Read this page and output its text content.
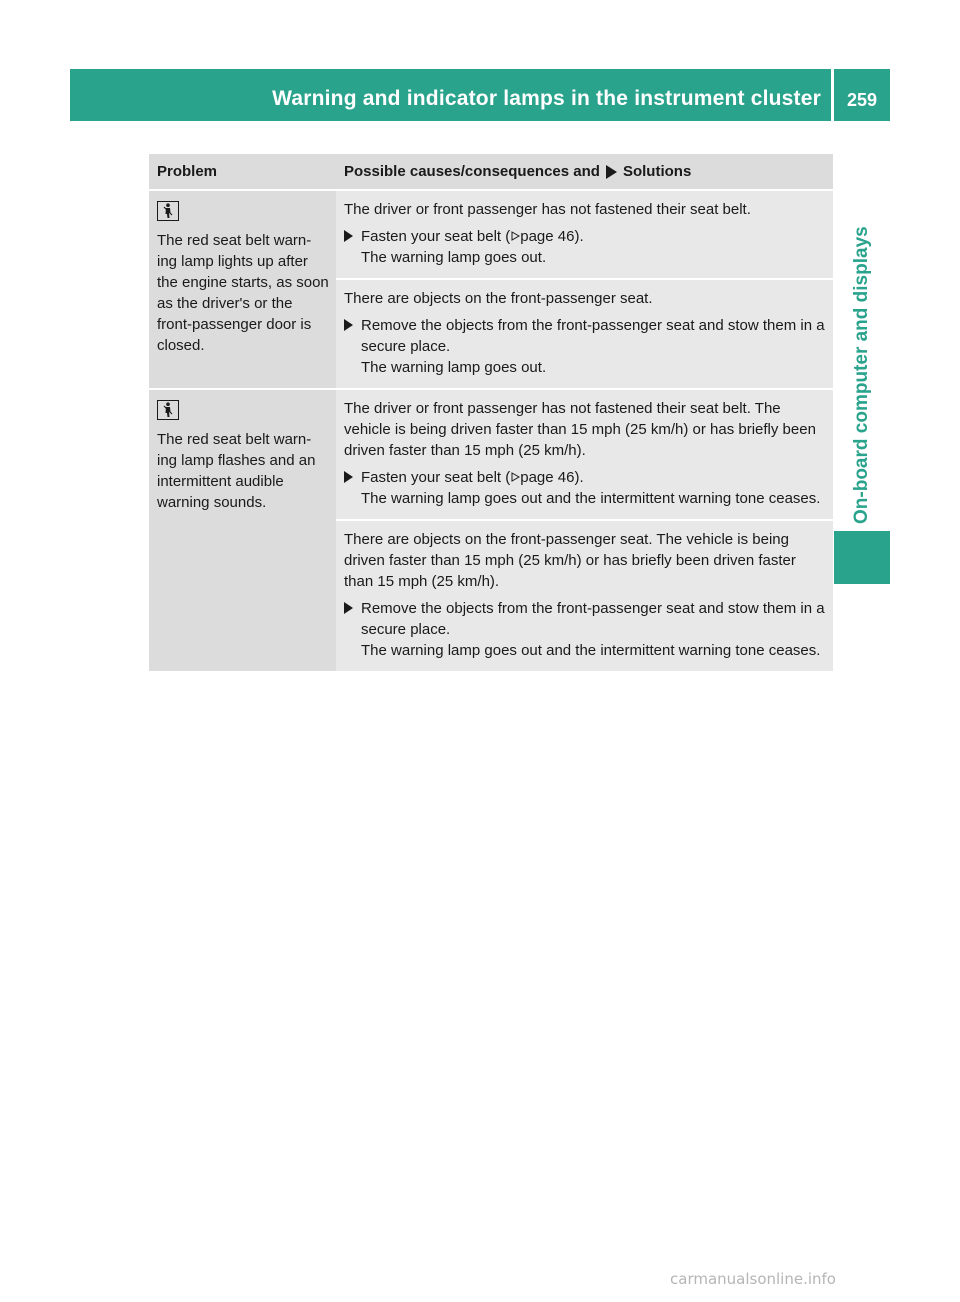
Warning and indicator lamps in the instrument cluster 259
On-board computer and displays
Problem	Possible causes/consequences and Solutions
The red seat belt warn- ing lamp lights up after the engine starts, as soon as the driver's or the front-passenger door is closed.
The driver or front passenger has not fastened their seat belt.
Fasten your seat belt ( page 46).
The warning lamp goes out.
There are objects on the front-passenger seat.
Remove the objects from the front-passenger seat and stow them in a secure place.
The warning lamp goes out.
The red seat belt warn- ing lamp flashes and an intermittent audible warning sounds.
The driver or front passenger has not fastened their seat belt. The vehicle is being driven faster than 15 mph (25 km/h) or has briefly been driven faster than 15 mph (25 km/h).
Fasten your seat belt ( page 46).
The warning lamp goes out and the intermittent warning tone ceases.
There are objects on the front-passenger seat. The vehicle is being driven faster than 15 mph (25 km/h) or has briefly been driven faster than 15 mph (25 km/h).
Remove the objects from the front-passenger seat and stow them in a secure place.
The warning lamp goes out and the intermittent warning tone ceases.
carmanualsonline.info
